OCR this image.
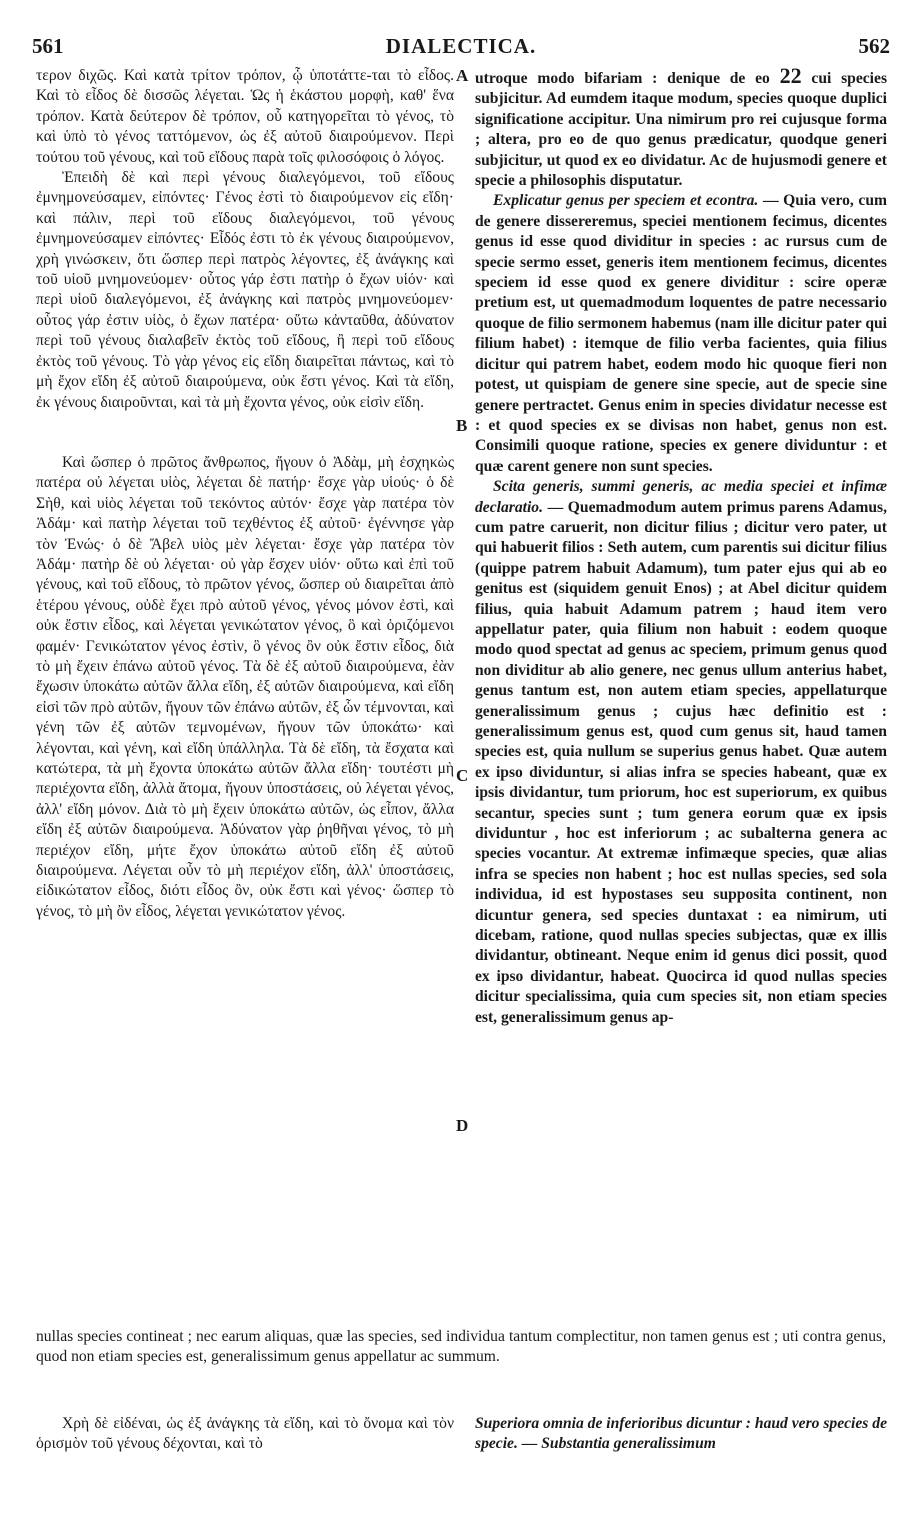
561	DIALECTICA.	562

τερον διχῶς. Καὶ κατὰ τρίτον τρόπον, ᾧ ὑποτάττε-ται τὸ εἶδος. Καὶ τὸ εἶδος δὲ δισσῶς λέγεται. Ὡς ἡ ἑκάστου μορφὴ, καθ' ἕνα τρόπον. Κατὰ δεύτερον δὲ τρόπον, οὗ κατηγορεῖται τὸ γένος, τὸ καὶ ὑπὸ τὸ γένος ταττόμενον, ὡς ἐξ αὐτοῦ διαιρούμενον. Περὶ τούτου τοῦ γένους, καὶ τοῦ εἴδους παρὰ τοῖς φιλοσόφοις ὁ λόγος.

Ἐπειδὴ δὲ καὶ περὶ γένους διαλεγόμενοι, τοῦ εἴδους ἐμνημονεύσαμεν, εἰπόντες· Γένος ἐστὶ τὸ διαιρούμενον εἰς εἴδη· καὶ πάλιν, περὶ τοῦ εἴδους διαλεγόμενοι, τοῦ γένους ἐμνημονεύσαμεν εἰπόντες· Εἶδός ἐστι τὸ ἐκ γένους διαιρούμενον, χρὴ γινώσκειν, ὅτι ὥσπερ περὶ πατρὸς λέγοντες, ἐξ ἀνάγκης καὶ τοῦ υἱοῦ μνημονεύομεν· οὗτος γάρ ἐστι πατὴρ ὁ ἔχων υἱόν· καὶ περὶ υἱοῦ διαλεγόμενοι, ἐξ ἀνάγκης καὶ πατρὸς μνημονεύομεν· οὗτος γάρ ἐστιν υἱὸς, ὁ ἔχων πατέρα· οὕτω κἀνταῦθα, ἀδύνατον περὶ τοῦ γένους διαλαβεῖν ἐκτὸς τοῦ εἴδους, ἢ περὶ τοῦ εἴδους ἐκτὸς τοῦ γένους. Τὸ γὰρ γένος εἰς εἴδη διαιρεῖται πάντως, καὶ τὸ μὴ ἔχον εἴδη ἐξ αὐτοῦ διαιρούμενα, οὐκ ἔστι γένος. Καὶ τὰ εἴδη, ἐκ γένους διαιροῦνται, καὶ τὰ μὴ ἔχοντα γένος, οὐκ εἰσὶν εἴδη.

Καὶ ὥσπερ ὁ πρῶτος ἄνθρωπος, ἤγουν ὁ Ἀδὰμ, μὴ ἐσχηκὼς πατέρα οὐ λέγεται υἱὸς, λέγεται δὲ πατήρ· ἔσχε γὰρ υἱούς· ὁ δὲ Σὴθ, καὶ υἱὸς λέγεται τοῦ τεκόντος αὐτόν· ἔσχε γὰρ πατέρα τὸν Ἀδάμ· καὶ πατὴρ λέγεται τοῦ τεχθέντος ἐξ αὐτοῦ· ἐγέννησε γὰρ τὸν Ἐνώς· ὁ δὲ Ἄβελ υἱὸς μὲν λέγεται· ἔσχε γὰρ πατέρα τὸν Ἀδάμ· πατὴρ δὲ οὐ λέγεται· οὐ γὰρ ἔσχεν υἱόν· οὕτω καὶ ἐπὶ τοῦ γένους, καὶ τοῦ εἴδους, τὸ πρῶτον γένος, ὥσπερ οὐ διαιρεῖται ἀπὸ ἑτέρου γένους, οὐδὲ ἔχει πρὸ αὐτοῦ γένος, γένος μόνον ἐστὶ, καὶ οὐκ ἔστιν εἶδος, καὶ λέγεται γενικώτατον γένος, ὃ καὶ ὁριζόμενοι φαμέν· Γενικώτατον γένος ἐστὶν, ὃ γένος ὂν οὐκ ἔστιν εἶδος, διὰ τὸ μὴ ἔχειν ἐπάνω αὐτοῦ γένος. Τὰ δὲ ἐξ αὐτοῦ διαιρούμενα, ἐὰν ἔχωσιν ὑποκάτω αὐτῶν ἄλλα εἴδη, ἐξ αὐτῶν διαιρούμενα, καὶ εἴδη εἰσὶ τῶν πρὸ αὐτῶν, ἤγουν τῶν ἐπάνω αὐτῶν, ἐξ ὧν τέμνονται, καὶ γένη τῶν ἐξ αὐτῶν τεμνομένων, ἤγουν τῶν ὑποκάτω· καὶ λέγονται, καὶ γένη, καὶ εἴδη ὑπάλληλα. Τὰ δὲ εἴδη, τὰ ἔσχατα καὶ κατώτερα, τὰ μὴ ἔχοντα ὑποκάτω αὐτῶν ἄλλα εἴδη· τουτέστι μὴ περιέχοντα εἴδη, ἀλλὰ ἄτομα, ἤγουν ὑποστάσεις, οὐ λέγεται γένος, ἀλλ' εἴδη μόνον. Διὰ τὸ μὴ ἔχειν ὑποκάτω αὐτῶν, ὡς εἶπον, ἄλλα εἴδη ἐξ αὐτῶν διαιρούμενα. Ἀδύνατον γὰρ ῥηθῆναι γένος, τὸ μὴ περιέχον εἴδη, μήτε ἔχον ὑποκάτω αὐτοῦ εἴδη ἐξ αὐτοῦ διαιρούμενα. Λέγεται οὖν τὸ μὴ περιέχον εἴδη, ἀλλ' ὑποστάσεις, εἰδικώτατον εἶδος, διότι εἶδος ὂν, οὐκ ἔστι καὶ γένος· ὥσπερ τὸ γένος, τὸ μὴ ὂν εἶδος, λέγεται γενικώτατον γένος.

utroque modo bifariam : denique de eo 22 cui species subjicitur. Ad eumdem itaque modum, species quoque duplici significatione accipitur. Una nimirum pro rei cujusque forma ; altera, pro eo de quo genus prædicatur, quodque generi subjicitur, ut quod ex eo dividatur. Ac de hujusmodi genere et specie a philosophis disputatur.

Explicatur genus per speciem et econtra. — Quia vero, cum de genere dissereremus, speciei mentionem fecimus, dicentes genus id esse quod dividitur in species : ac rursus cum de specie sermo esset, generis item mentionem fecimus, dicentes speciem id esse quod ex genere dividitur : scire operæ pretium est, ut quemadmodum loquentes de patre necessario quoque de filio sermonem habemus (nam ille dicitur pater qui filium habet) : itemque de filio verba facientes, quia filius dicitur qui patrem habet, eodem modo hic quoque fieri non potest, ut quispiam de genere sine specie, aut de specie sine genere pertractet. Genus enim in species dividatur necesse est : et quod species ex se divisas non habet, genus non est. Consimili quoque ratione, species ex genere dividuntur : et quæ carent genere non sunt species.

Scita generis, summi generis, ac media speciei et infimæ declaratio. — Quemadmodum autem primus parens Adamus, cum patre caruerit, non dicitur filius ; dicitur vero pater, ut qui habuerit filios : Seth autem, cum parentis sui dicitur filius (quippe patrem habuit Adamum), tum pater ejus qui ab eo genitus est (siquidem genuit Enos) ; at Abel dicitur quidem filius, quia habuit Adamum patrem ; haud item vero appellatur pater, quia filium non habuit : eodem quoque modo quod spectat ad genus ac speciem, primum genus quod non dividitur ab alio genere, nec genus ullum anterius habet, genus tantum est, non autem etiam species, appellaturque generalissimum genus ; cujus hæc definitio est : generalissimum genus est, quod cum genus sit, haud tamen species est, quia nullum se superius genus habet. Quæ autem ex ipso dividuntur, si alias infra se species habeant, quæ ex ipsis dividantur, tum priorum, hoc est superiorum, ex quibus secantur, species sunt ; tum generа eorum quæ ex ipsis dividuntur , hoc est inferiorum ; ac subalterna genera ac species vocantur. At extremæ infimæque species, quæ alias infra se species non habent ; hoc est nullas species, sed sola individua, id est hypostases seu supposita continent, non dicuntur genera, sed species duntaxat : ea nimirum, uti dicebam, ratione, quod nullas species subjectas, quæ ex illis dividantur, obtineant. Neque enim id genus dici possit, quod ex ipso dividantur, habeat. Quocirca id quod nullas species dicitur specialissima, quia cum species sit, non etiam species est, generalissimum genus ap-

A
B
C
D
nullas species contineat ; nec earum aliquas, quæ las species, sed individua tantum complectitur, non tamen genus est ; uti contra genus, quod non etiam species est, generalissimum genus appellatur ac summum.
Χρὴ δὲ εἰδέναι, ὡς ἐξ ἀνάγκης τὰ εἴδη, καὶ τὸ ὄνομα καὶ τὸν ὁρισμὸν τοῦ γένους δέχονται, καὶ τὸ
Superiora omnia de inferioribus dicuntur : haud vero species de specie. — Substantia generalissimum
